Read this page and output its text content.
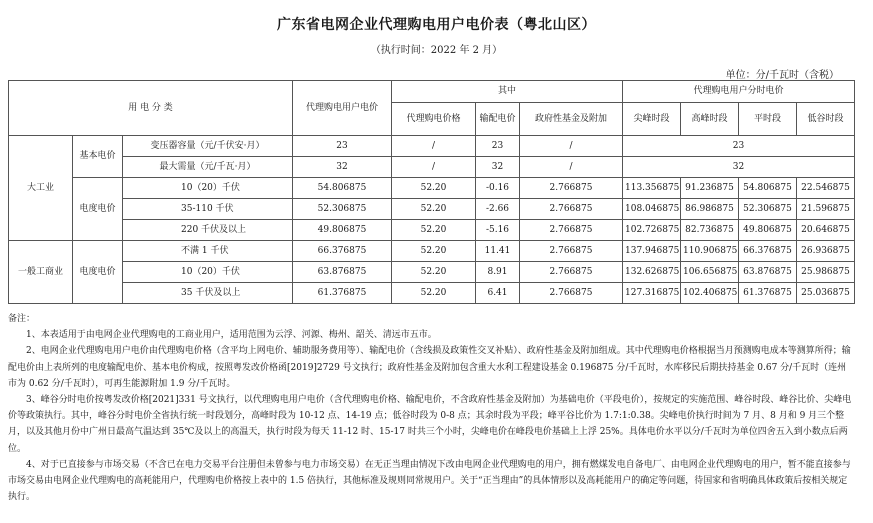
广东省电网企业代理购电用户电价表（粤北山区）
（执行时间：2022 年 2 月）
单位：分/千瓦时（含税）
用 电 分 类			代理购电用户电价	其中			代理购电用户分时电价			
				代理购电价格	输配电价	政府性基金及附加	尖峰时段	高峰时段	平时段	低谷时段
大工业	基本电价	变压器容量（元/千伏安·月）	23	/	23	/	23			
		最大需量（元/千瓦·月）	32	/	32	/	32			
	电度电价	10（20）千伏	54.806875	52.20	-0.16	2.766875	113.356875	91.236875	54.806875	22.546875
		35-110 千伏	52.306875	52.20	-2.66	2.766875	108.046875	86.986875	52.306875	21.596875
		220 千伏及以上	49.806875	52.20	-5.16	2.766875	102.726875	82.736875	49.806875	20.646875
一般工商业	电度电价	不满 1 千伏	66.376875	52.20	11.41	2.766875	137.946875	110.906875	66.376875	26.936875
		10（20）千伏	63.876875	52.20	8.91	2.766875	132.626875	106.656875	63.876875	25.986875
		35 千伏及以上	61.376875	52.20	6.41	2.766875	127.316875	102.406875	61.376875	25.036875

备注：

1、本表适用于由电网企业代理购电的工商业用户，适用范围为云浮、河源、梅州、韶关、清远市五市。

2、电网企业代理购电用户电价由代理购电价格（含平均上网电价、辅助服务费用等）、输配电价（含线损及政策性交叉补贴）、政府性基金及附加组成。其中代理购电价格根据当月预测购电成本等测算所得；输配电价由上表所列的电度输配电价、基本电价构成，按照粤发改价格函[2019]2729 号文执行；政府性基金及附加包含重大水利工程建设基金 0.196875 分/千瓦时，水库移民后期扶持基金 0.67 分/千瓦时（连州市为 0.62 分/千瓦时），可再生能源附加 1.9 分/千瓦时。

3、峰谷分时电价按粤发改价格[2021]331 号文执行，以代理购电用户电价（含代理购电价格、输配电价，不含政府性基金及附加）为基础电价（平段电价），按规定的实施范围、峰谷时段、峰谷比价、尖峰电价等政策执行。其中，峰谷分时电价全省执行统一时段划分，高峰时段为 10-12 点、14-19 点；低谷时段为 0-8 点；其余时段为平段；峰平谷比价为 1.7:1:0.38。尖峰电价执行时间为 7 月、8 月和 9 月三个整月，以及其他月份中广州日最高气温达到 35℃及以上的高温天，执行时段为每天 11-12 时、15-17 时共三个小时，尖峰电价在峰段电价基础上上浮 25%。具体电价水平以分/千瓦时为单位四舍五入到小数点后两位。

4、对于已直接参与市场交易（不含已在电力交易平台注册但未曾参与电力市场交易）在无正当理由情况下改由电网企业代理购电的用户，拥有燃煤发电自备电厂、由电网企业代理购电的用户，暂不能直接参与市场交易由电网企业代理购电的高耗能用户，代理购电价格按上表中的 1.5 倍执行，其他标准及规则同常规用户。关于“正当理由”的具体情形以及高耗能用户的确定等问题，待国家和省明确具体政策后按相关规定执行。
